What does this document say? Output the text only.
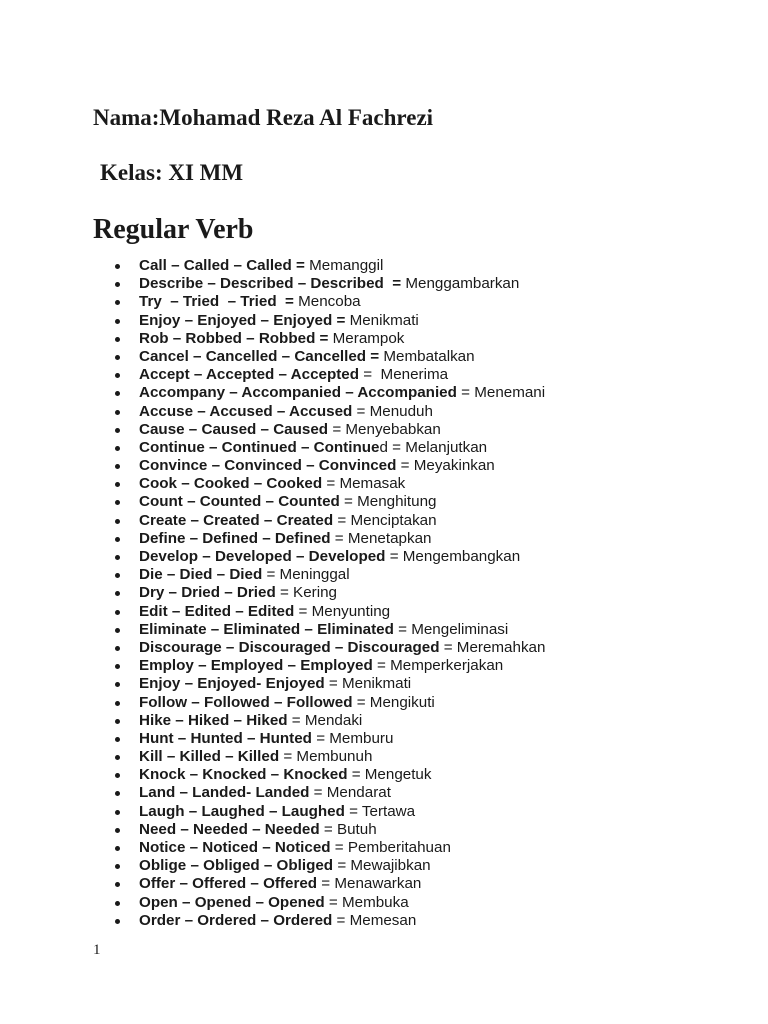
Nama:Mohamad Reza Al Fachrezi
Kelas: XI MM
Regular Verb
Call – Called – Called = Memanggil
Describe – Described – Described  = Menggambarkan
Try  – Tried  – Tried  = Mencoba
Enjoy – Enjoyed – Enjoyed = Menikmati
Rob – Robbed – Robbed = Merampok
Cancel – Cancelled – Cancelled = Membatalkan
Accept – Accepted – Accepted =  Menerima
Accompany – Accompanied – Accompanied = Menemani
Accuse – Accused – Accused = Menuduh
Cause – Caused – Caused = Menyebabkan
Continue – Continued – Continued = Melanjutkan
Convince – Convinced – Convinced = Meyakinkan
Cook – Cooked – Cooked = Memasak
Count – Counted – Counted = Menghitung
Create – Created – Created = Menciptakan
Define – Defined – Defined = Menetapkan
Develop – Developed – Developed = Mengembangkan
Die – Died – Died = Meninggal
Dry – Dried – Dried = Kering
Edit – Edited – Edited = Menyunting
Eliminate – Eliminated – Eliminated = Mengeliminasi
Discourage – Discouraged – Discouraged = Meremahkan
Employ – Employed – Employed = Memperkerjakan
Enjoy – Enjoyed- Enjoyed = Menikmati
Follow – Followed – Followed = Mengikuti
Hike – Hiked – Hiked = Mendaki
Hunt – Hunted – Hunted = Memburu
Kill – Killed – Killed = Membunuh
Knock – Knocked – Knocked = Mengetuk
Land – Landed- Landed = Mendarat
Laugh – Laughed – Laughed = Tertawa
Need – Needed – Needed = Butuh
Notice – Noticed – Noticed = Pemberitahuan
Oblige – Obliged – Obliged = Mewajibkan
Offer – Offered – Offered = Menawarkan
Open – Opened – Opened = Membuka
Order – Ordered – Ordered = Memesan
1
